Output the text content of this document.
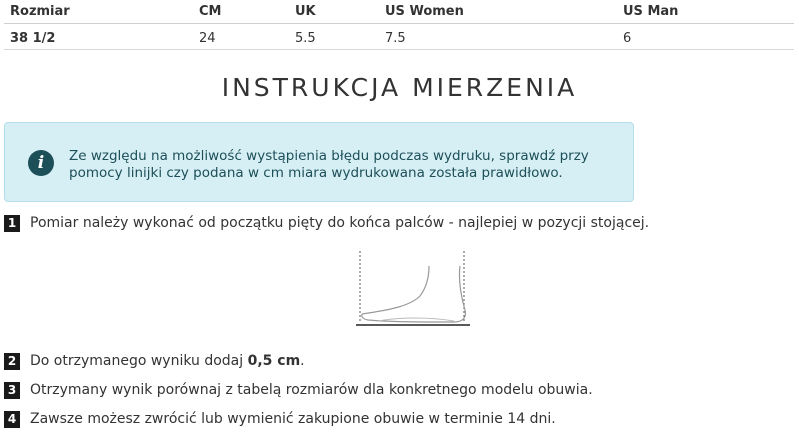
Rozmiar	CM	UK	US Women	US Man
38 1/2	24	5.5	7.5	6
INSTRUKCJA MIERZENIA
i	Ze względu na możliwość wystąpienia błędu podczas wydruku, sprawdź przy pomocy linijki czy podana w cm miara wydrukowana została prawidłowo.
1 Pomiar należy wykonać od początku pięty do końca palców - najlepiej w pozycji stojącej.
2 Do otrzymanego wyniku dodaj 0,5 cm.
3 Otrzymany wynik porównaj z tabelą rozmiarów dla konkretnego modelu obuwia.
4 Zawsze możesz zwrócić lub wymienić zakupione obuwie w terminie 14 dni.
